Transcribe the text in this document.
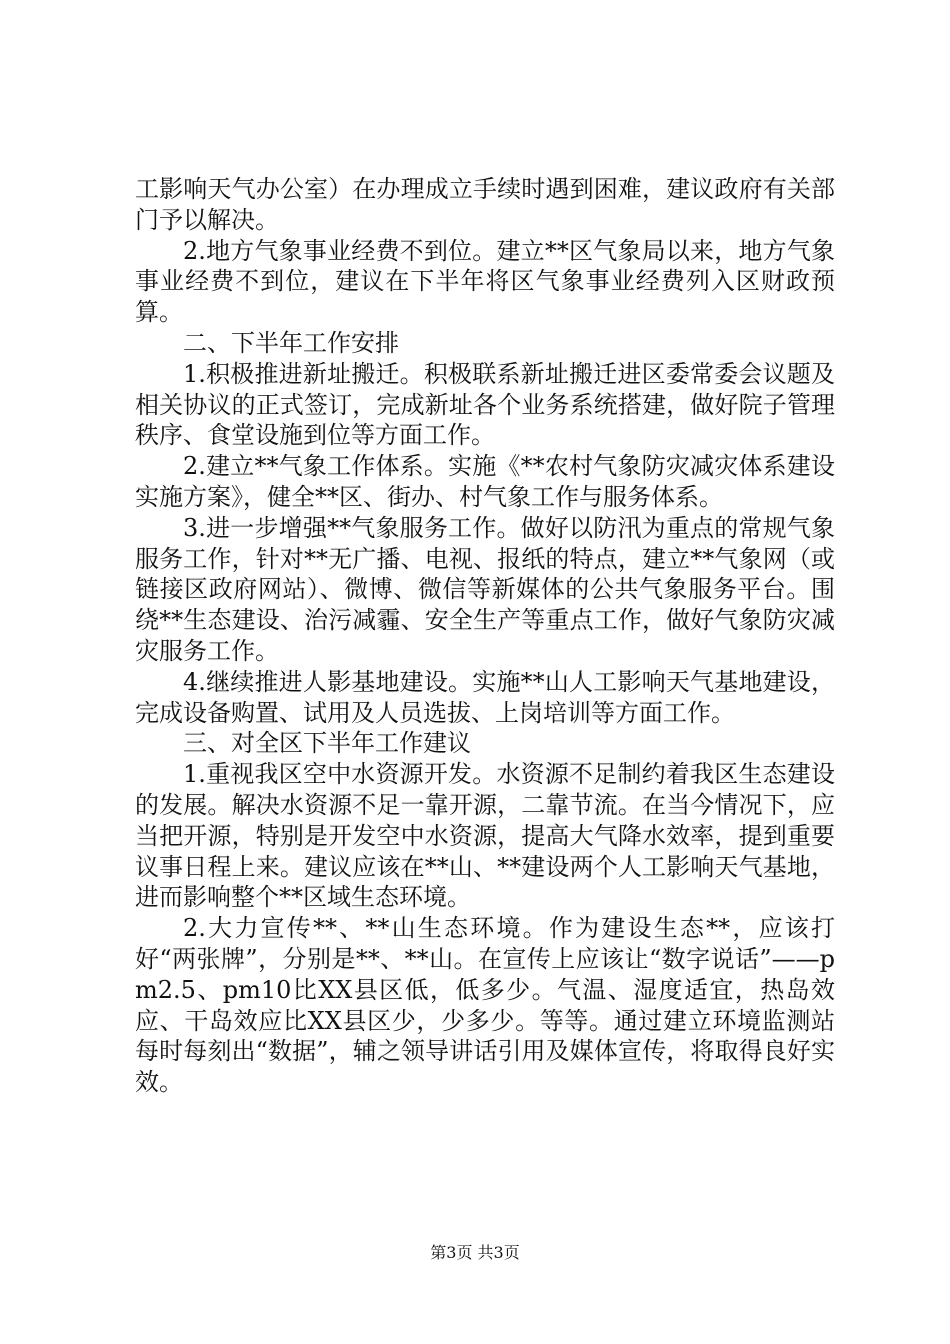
工影响天气办公室）在办理成立手续时遇到困难，建议政府有关部门予以解决。

2.地方气象事业经费不到位。建立**区气象局以来，地方气象事业经费不到位，建议在下半年将区气象事业经费列入区财政预算。

二、下半年工作安排

1.积极推进新址搬迁。积极联系新址搬迁进区委常委会议题及相关协议的正式签订，完成新址各个业务系统搭建，做好院子管理秩序、食堂设施到位等方面工作。

2.建立**气象工作体系。实施《**农村气象防灾减灾体系建设实施方案》，健全**区、街办、村气象工作与服务体系。

3.进一步增强**气象服务工作。做好以防汛为重点的常规气象服务工作，针对**无广播、电视、报纸的特点，建立**气象网（或链接区政府网站）、微博、微信等新媒体的公共气象服务平台。围绕**生态建设、治污减霾、安全生产等重点工作，做好气象防灾减灾服务工作。

4.继续推进人影基地建设。实施**山人工影响天气基地建设，完成设备购置、试用及人员选拔、上岗培训等方面工作。

三、对全区下半年工作建议

1.重视我区空中水资源开发。水资源不足制约着我区生态建设的发展。解决水资源不足一靠开源，二靠节流。在当今情况下，应当把开源，特别是开发空中水资源，提高大气降水效率，提到重要议事日程上来。建议应该在**山、**建设两个人工影响天气基地，进而影响整个**区域生态环境。

2.大力宣传**、**山生态环境。作为建设生态**，应该打好“两张牌”，分别是**、**山。在宣传上应该让“数字说话”——pm2.5、pm10比XX县区低，低多少。气温、湿度适宜，热岛效应、干岛效应比XX县区少，少多少。等等。通过建立环境监测站每时每刻出“数据”，辅之领导讲话引用及媒体宣传，将取得良好实效。

第3页 共3页
